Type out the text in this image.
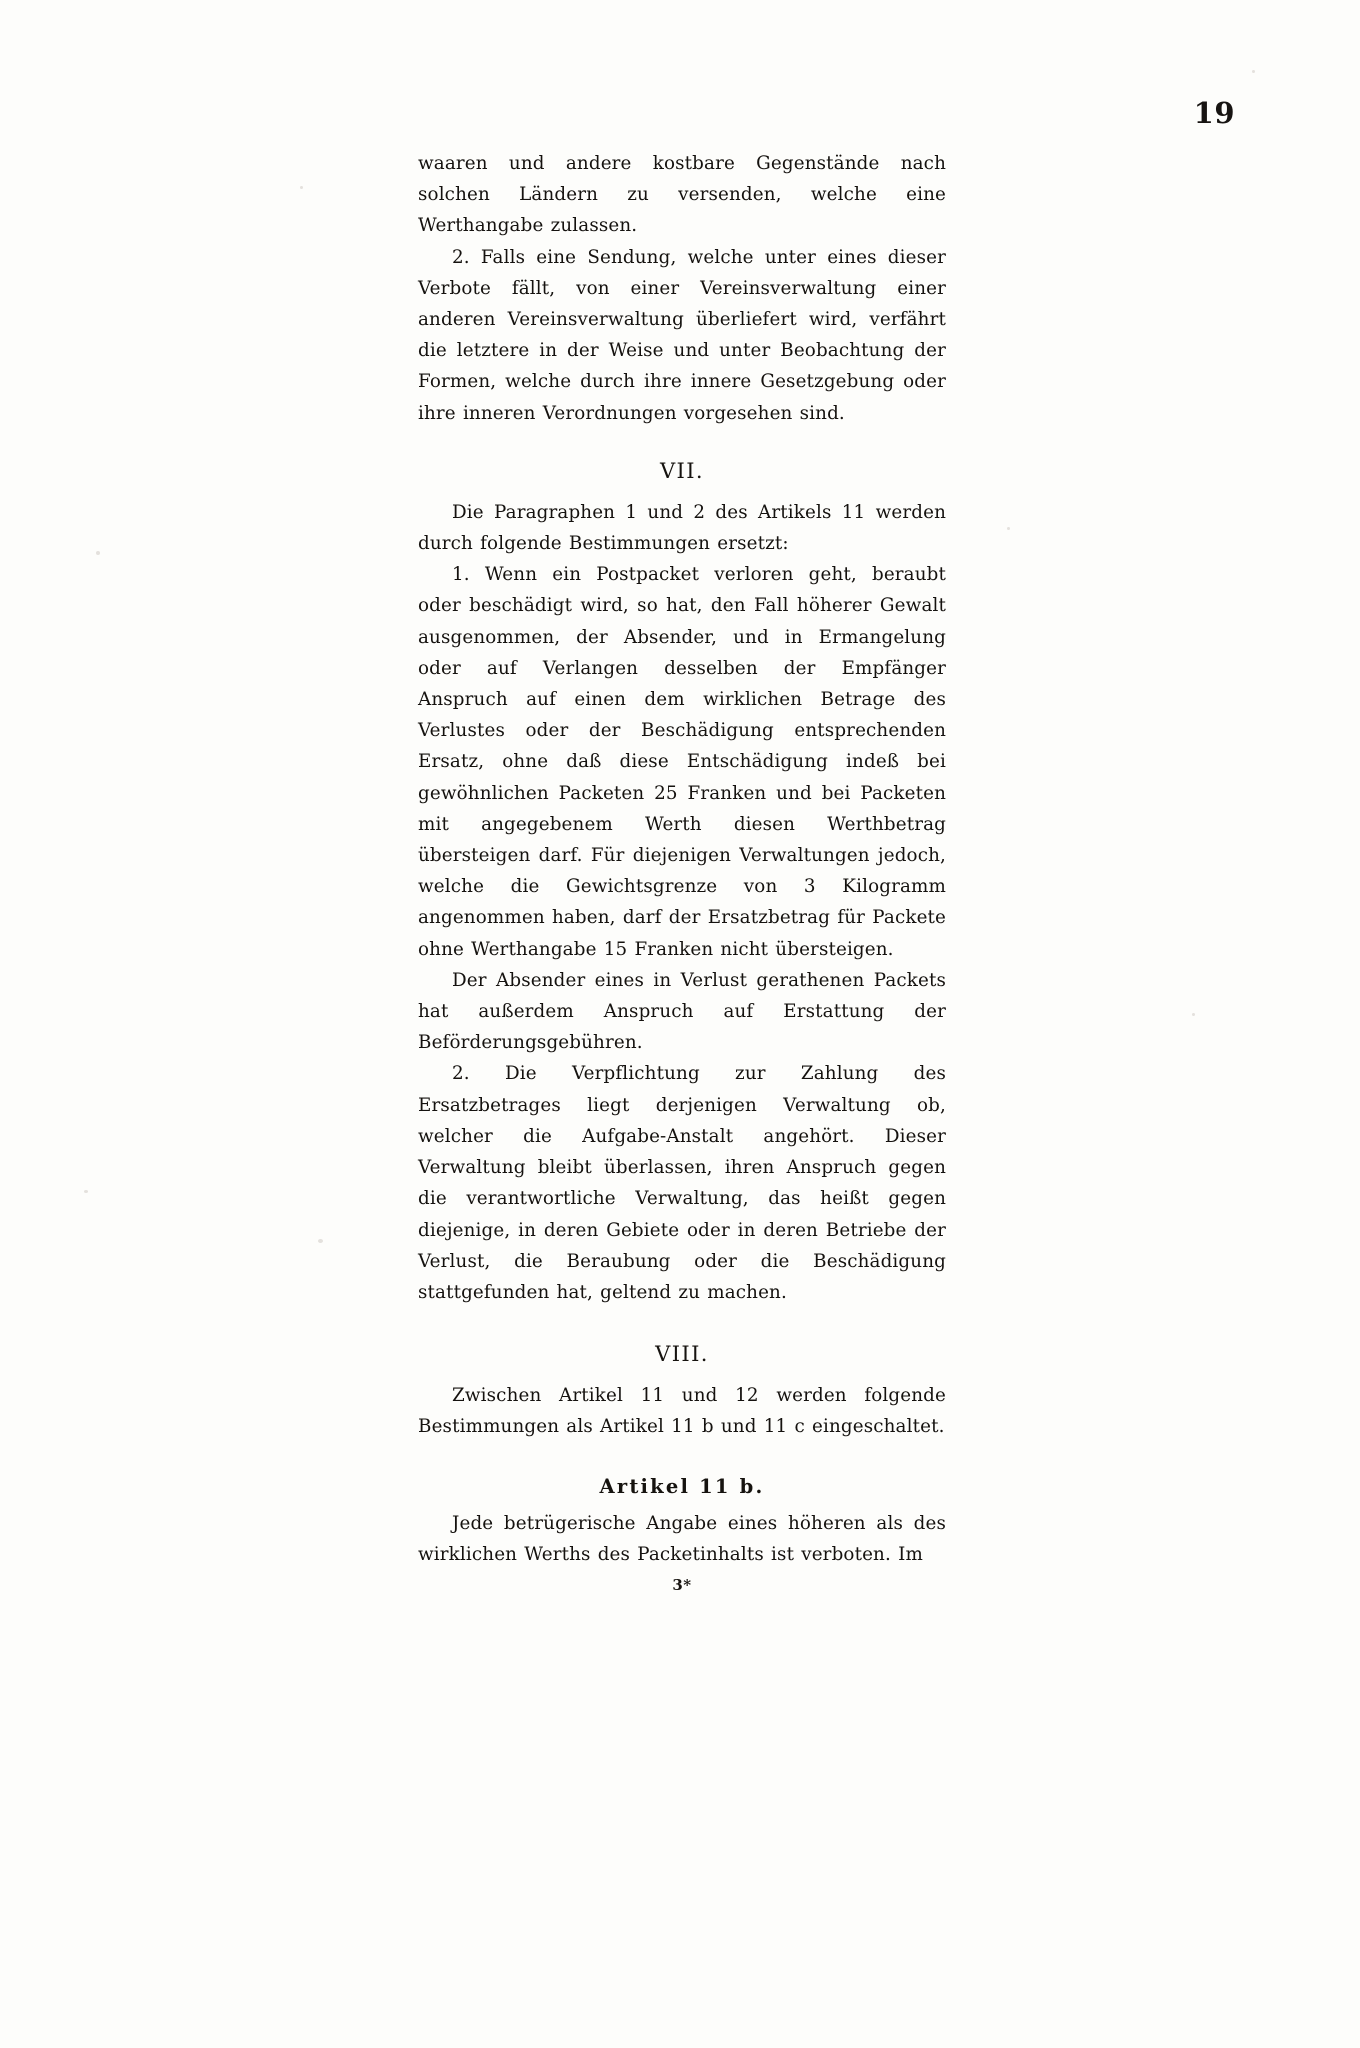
19

waaren und andere kostbare Gegenstände nach solchen Ländern zu versenden, welche eine Werthangabe zulassen.

2. Falls eine Sendung, welche unter eines dieser Verbote fällt, von einer Vereinsverwaltung einer anderen Vereinsverwaltung überliefert wird, verfährt die letztere in der Weise und unter Beobachtung der Formen, welche durch ihre innere Gesetzgebung oder ihre inneren Verordnungen vorgesehen sind.

VII.

Die Paragraphen 1 und 2 des Artikels 11 werden durch folgende Bestimmungen ersetzt:

1. Wenn ein Postpacket verloren geht, beraubt oder beschädigt wird, so hat, den Fall höherer Gewalt ausgenommen, der Absender, und in Ermangelung oder auf Verlangen desselben der Empfänger Anspruch auf einen dem wirklichen Betrage des Verlustes oder der Beschädigung entsprechenden Ersatz, ohne daß diese Entschädigung indeß bei gewöhnlichen Packeten 25 Franken und bei Packeten mit angegebenem Werth diesen Werthbetrag übersteigen darf. Für diejenigen Verwaltungen jedoch, welche die Gewichtsgrenze von 3 Kilogramm angenommen haben, darf der Ersatzbetrag für Packete ohne Werthangabe 15 Franken nicht übersteigen.

Der Absender eines in Verlust gerathenen Packets hat außerdem Anspruch auf Erstattung der Beförderungsgebühren.

2. Die Verpflichtung zur Zahlung des Ersatzbetrages liegt derjenigen Verwaltung ob, welcher die Aufgabe-Anstalt angehört. Dieser Verwaltung bleibt überlassen, ihren Anspruch gegen die verantwortliche Verwaltung, das heißt gegen diejenige, in deren Gebiete oder in deren Betriebe der Verlust, die Beraubung oder die Beschädigung stattgefunden hat, geltend zu machen.

VIII.

Zwischen Artikel 11 und 12 werden folgende Bestimmungen als Artikel 11 b und 11 c eingeschaltet.

Artikel 11 b.

Jede betrügerische Angabe eines höheren als des wirklichen Werths des Packetinhalts ist verboten. Im

3*
